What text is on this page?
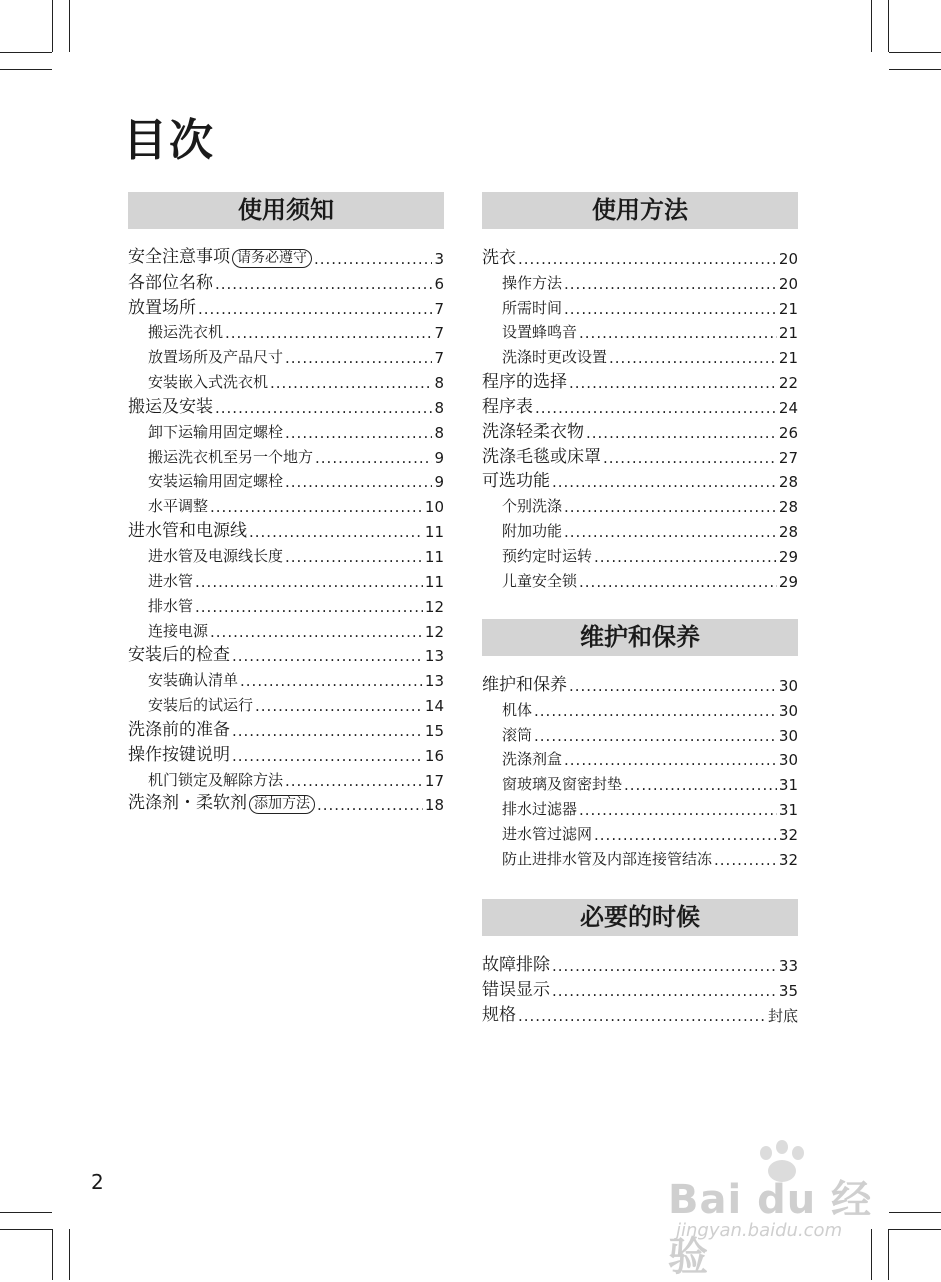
目次
使用须知
安全注意事项 请务必遵守 .....	3
各部位名称 .....	6
放置场所 .....	7
搬运洗衣机 .....	7
放置场所及产品尺寸 .....	7
安装嵌入式洗衣机 .....	8
搬运及安装 .....	8
卸下运输用固定螺栓 .....	8
搬运洗衣机至另一个地方 .....	9
安装运输用固定螺栓 .....	9
水平调整 .....	10
进水管和电源线 .....	11
进水管及电源线长度 .....	11
进水管 .....	11
排水管 .....	12
连接电源 .....	12
安装后的检查 .....	13
安装确认清单 .....	13
安装后的试运行 .....	14
洗涤前的准备 .....	15
操作按键说明 .....	16
机门锁定及解除方法 .....	17
洗涤剂・柔软剂 添加方法 .....	18
使用方法
洗衣 .....	20
操作方法 .....	20
所需时间 .....	21
设置蜂鸣音 .....	21
洗涤时更改设置 .....	21
程序的选择 .....	22
程序表 .....	24
洗涤轻柔衣物 .....	26
洗涤毛毯或床罩 .....	27
可选功能 .....	28
个别洗涤 .....	28
附加功能 .....	28
预约定时运转 .....	29
儿童安全锁 .....	29
维护和保养
维护和保养 .....	30
机体 .....	30
滚筒 .....	30
洗涤剂盒 .....	30
窗玻璃及窗密封垫 .....	31
排水过滤器 .....	31
进水管过滤网 .....	32
防止进排水管及内部连接管结冻 .....	32
必要的时候
故障排除 .....	33
错误显示 .....	35
规格 .....	封底
2	Bai du 经验
jingyan.baidu.com
